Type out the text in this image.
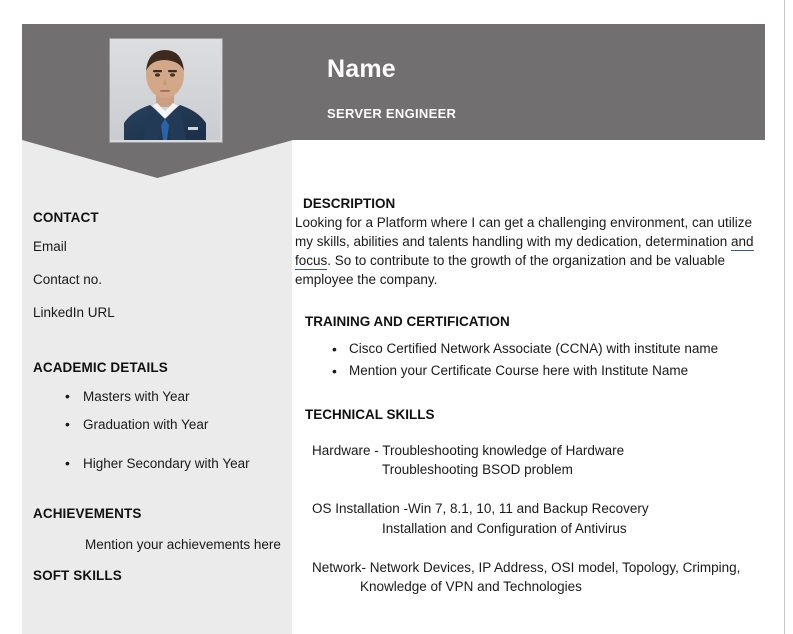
CONTACT
Email
Contact no.
LinkedIn URL
ACADEMIC DETAILS
• Masters with Year
• Graduation with Year
• Higher Secondary with Year
ACHIEVEMENTS
Mention your achievements here
SOFT SKILLS
Name
SERVER ENGINEER
DESCRIPTION

Looking for a Platform where I can get a challenging environment, can utilize my skills, abilities and talents handling with my dedication, determination and focus. So to contribute to the growth of the organization and be valuable employee the company.

TRAINING AND CERTIFICATION
• Cisco Certified Network Associate (CCNA) with institute name
• Mention your Certificate Course here with Institute Name
TECHNICAL SKILLS
Hardware - Troubleshooting knowledge of Hardware
Troubleshooting BSOD problem
OS Installation -Win 7, 8.1, 10, 11 and Backup Recovery
Installation and Configuration of Antivirus
Network- Network Devices, IP Address, OSI model, Topology, Crimping,
Knowledge of VPN and Technologies
